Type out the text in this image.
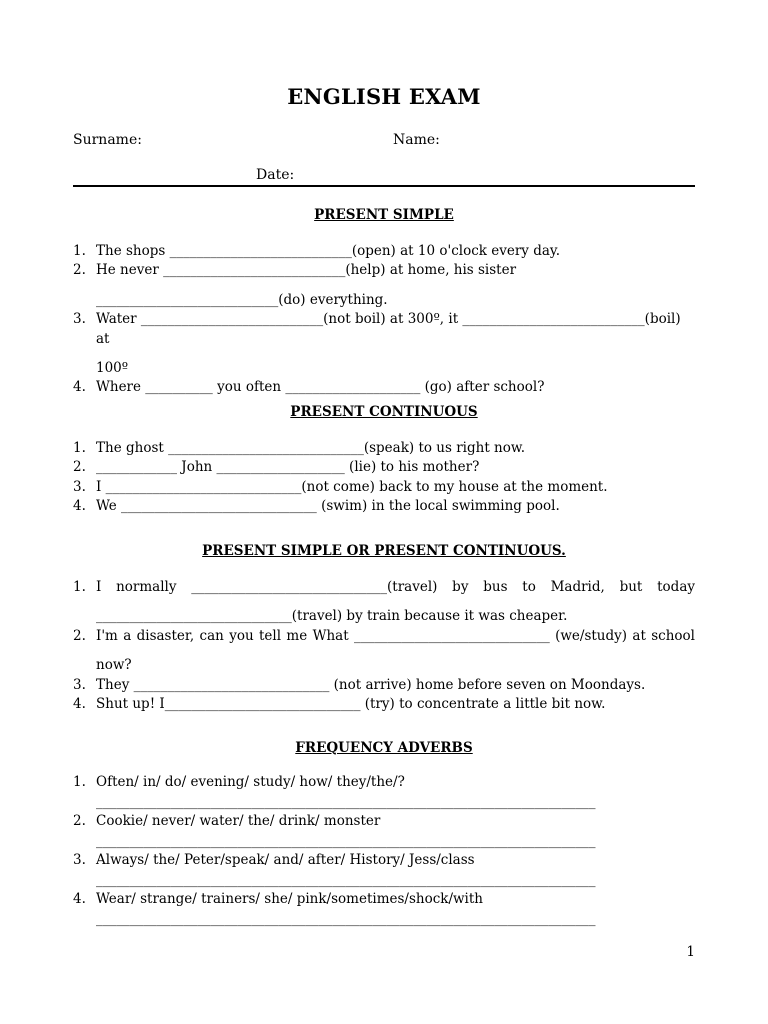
ENGLISH EXAM
Surname:	Name:
Date:
PRESENT SIMPLE
1. The shops ___________________________(open) at 10 o'clock every day.
2. He never ___________________________(help) at home, his sister
___________________________(do) everything.
3. Water ___________________________(not boil) at 300º, it ___________________________(boil) at
100º
4. Where __________ you often ____________________ (go) after school?
PRESENT CONTINUOUS
1. The ghost _____________________________(speak) to us right now.
2. ____________ John ___________________ (lie) to his mother?
3. I _____________________________(not come) back to my house at the moment.
4. We _____________________________ (swim) in the local swimming pool.
PRESENT SIMPLE OR PRESENT CONTINUOUS.
1. I normally _____________________________(travel) by bus to Madrid, but today
_____________________________(travel) by train because it was cheaper.
2. I'm a disaster, can you tell me What _____________________________ (we/study) at school
now?
3. They _____________________________ (not arrive) home before seven on Moondays.
4. Shut up! I_____________________________ (try) to concentrate a little bit now.
FREQUENCY ADVERBS
1. Often/ in/ do/ evening/ study/ how/ they/the/?
__________________________________________________________________________
2. Cookie/ never/ water/ the/ drink/ monster
__________________________________________________________________________
3. Always/ the/ Peter/speak/ and/ after/ History/ Jess/class
__________________________________________________________________________
4. Wear/ strange/ trainers/ she/ pink/sometimes/shock/with
__________________________________________________________________________
1
